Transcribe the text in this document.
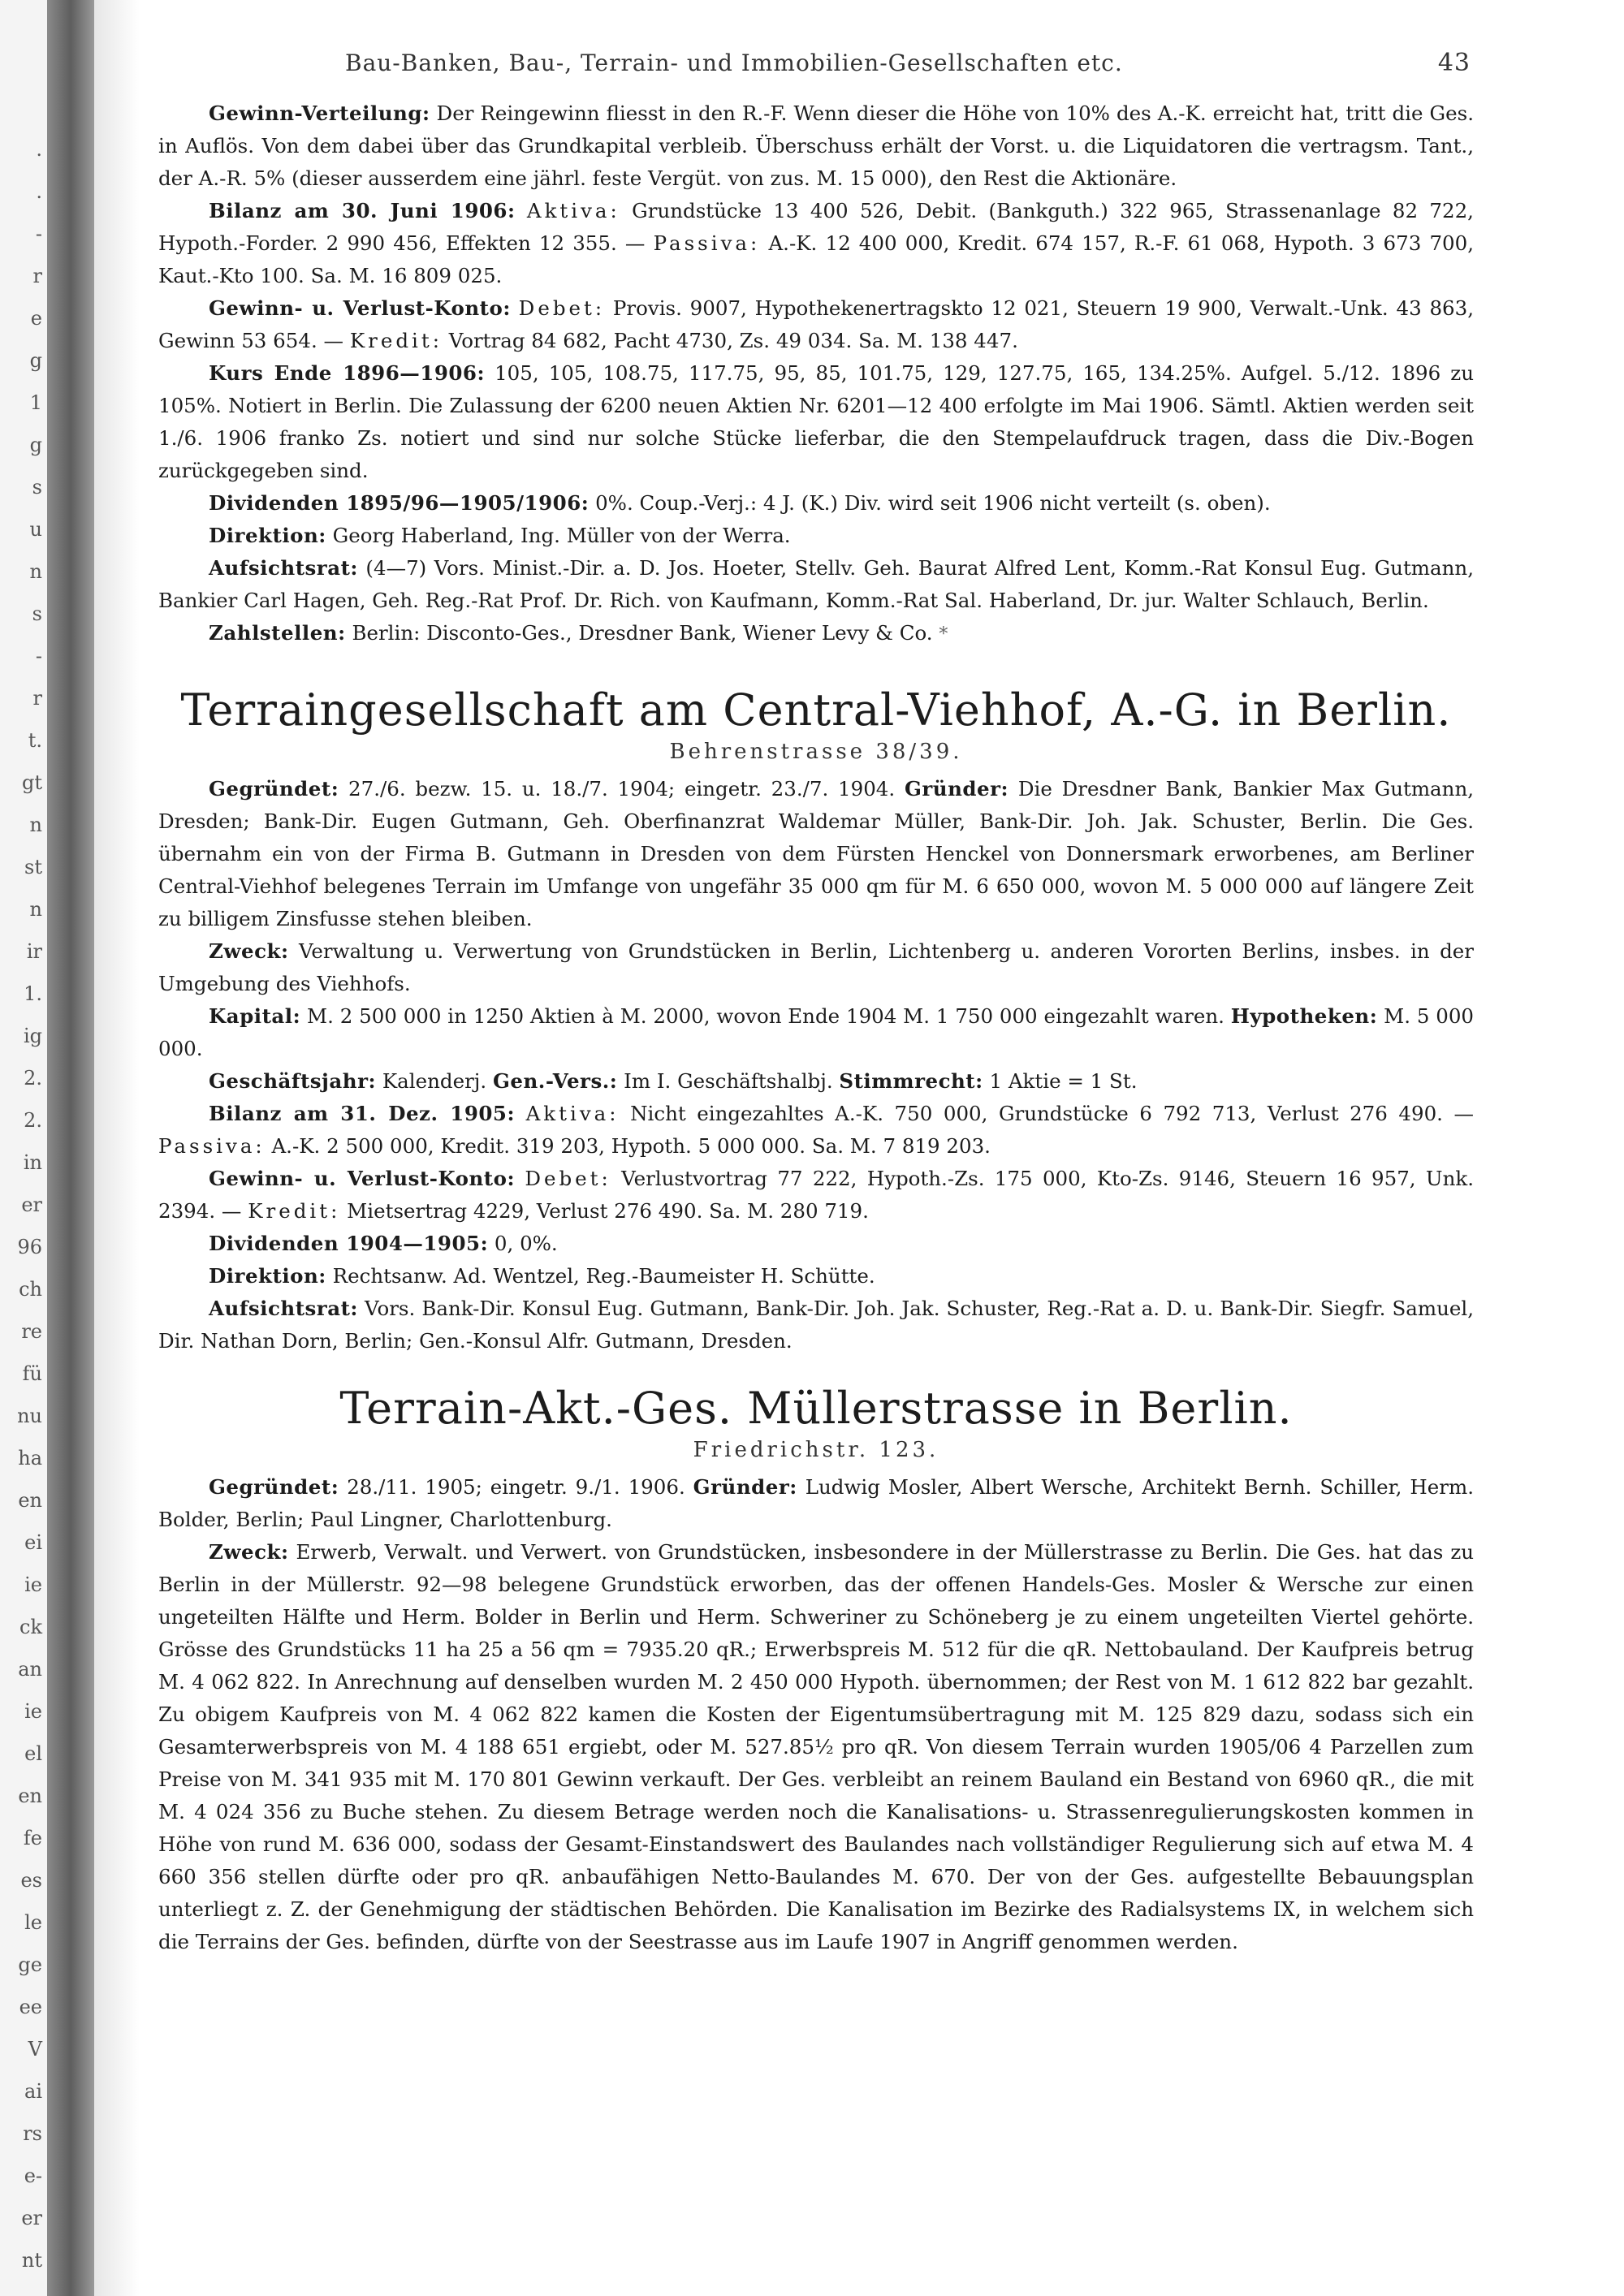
.
.
-
r
e
g
1
g
s
u
n
s
-
r
t.
gt
n
st
n
ir
1.
ig
2.
2.
in
er
96
ch
re
fü
nu
ha
en
ei
ie
ck
an
ie
el
en
fe
es
le
ge
ee
V
ai
rs
e-
er
nt
Bau-Banken, Bau-, Terrain- und Immobilien-Gesellschaften etc.	43

Gewinn-Verteilung: Der Reingewinn fliesst in den R.-F. Wenn dieser die Höhe von 10% des A.-K. erreicht hat, tritt die Ges. in Auflös. Von dem dabei über das Grundkapital verbleib. Überschuss erhält der Vorst. u. die Liquidatoren die vertragsm. Tant., der A.-R. 5% (dieser ausserdem eine jährl. feste Vergüt. von zus. M. 15 000), den Rest die Aktionäre.

Bilanz am 30. Juni 1906: Aktiva: Grundstücke 13 400 526, Debit. (Bankguth.) 322 965, Strassenanlage 82 722, Hypoth.-Forder. 2 990 456, Effekten 12 355. — Passiva: A.-K. 12 400 000, Kredit. 674 157, R.-F. 61 068, Hypoth. 3 673 700, Kaut.-Kto 100. Sa. M. 16 809 025.

Gewinn- u. Verlust-Konto: Debet: Provis. 9007, Hypothekenertragskto 12 021, Steuern 19 900, Verwalt.-Unk. 43 863, Gewinn 53 654. — Kredit: Vortrag 84 682, Pacht 4730, Zs. 49 034. Sa. M. 138 447.

Kurs Ende 1896—1906: 105, 105, 108.75, 117.75, 95, 85, 101.75, 129, 127.75, 165, 134.25%. Aufgel. 5./12. 1896 zu 105%. Notiert in Berlin. Die Zulassung der 6200 neuen Aktien Nr. 6201—12 400 erfolgte im Mai 1906. Sämtl. Aktien werden seit 1./6. 1906 franko Zs. notiert und sind nur solche Stücke lieferbar, die den Stempelaufdruck tragen, dass die Div.-Bogen zurückgegeben sind.

Dividenden 1895/96—1905/1906: 0%. Coup.-Verj.: 4 J. (K.) Div. wird seit 1906 nicht verteilt (s. oben).

Direktion: Georg Haberland, Ing. Müller von der Werra.

Aufsichtsrat: (4—7) Vors. Minist.-Dir. a. D. Jos. Hoeter, Stellv. Geh. Baurat Alfred Lent, Komm.-Rat Konsul Eug. Gutmann, Bankier Carl Hagen, Geh. Reg.-Rat Prof. Dr. Rich. von Kaufmann, Komm.-Rat Sal. Haberland, Dr. jur. Walter Schlauch, Berlin.

Zahlstellen: Berlin: Disconto-Ges., Dresdner Bank, Wiener Levy & Co. *

Terraingesellschaft am Central-Viehhof, A.-G. in Berlin.
Behrenstrasse 38/39.

Gegründet: 27./6. bezw. 15. u. 18./7. 1904; eingetr. 23./7. 1904. Gründer: Die Dresdner Bank, Bankier Max Gutmann, Dresden; Bank-Dir. Eugen Gutmann, Geh. Oberfinanzrat Waldemar Müller, Bank-Dir. Joh. Jak. Schuster, Berlin. Die Ges. übernahm ein von der Firma B. Gutmann in Dresden von dem Fürsten Henckel von Donnersmark erworbenes, am Berliner Central-Viehhof belegenes Terrain im Umfange von ungefähr 35 000 qm für M. 6 650 000, wovon M. 5 000 000 auf längere Zeit zu billigem Zinsfusse stehen bleiben.

Zweck: Verwaltung u. Verwertung von Grundstücken in Berlin, Lichtenberg u. anderen Vororten Berlins, insbes. in der Umgebung des Viehhofs.

Kapital: M. 2 500 000 in 1250 Aktien à M. 2000, wovon Ende 1904 M. 1 750 000 eingezahlt waren. Hypotheken: M. 5 000 000.

Geschäftsjahr: Kalenderj. Gen.-Vers.: Im I. Geschäftshalbj. Stimmrecht: 1 Aktie = 1 St.

Bilanz am 31. Dez. 1905: Aktiva: Nicht eingezahltes A.-K. 750 000, Grundstücke 6 792 713, Verlust 276 490. — Passiva: A.-K. 2 500 000, Kredit. 319 203, Hypoth. 5 000 000. Sa. M. 7 819 203.

Gewinn- u. Verlust-Konto: Debet: Verlustvortrag 77 222, Hypoth.-Zs. 175 000, Kto-Zs. 9146, Steuern 16 957, Unk. 2394. — Kredit: Mietsertrag 4229, Verlust 276 490. Sa. M. 280 719.

Dividenden 1904—1905: 0, 0%.

Direktion: Rechtsanw. Ad. Wentzel, Reg.-Baumeister H. Schütte.

Aufsichtsrat: Vors. Bank-Dir. Konsul Eug. Gutmann, Bank-Dir. Joh. Jak. Schuster, Reg.-Rat a. D. u. Bank-Dir. Siegfr. Samuel, Dir. Nathan Dorn, Berlin; Gen.-Konsul Alfr. Gutmann, Dresden.

Terrain-Akt.-Ges. Müllerstrasse in Berlin.
Friedrichstr. 123.

Gegründet: 28./11. 1905; eingetr. 9./1. 1906. Gründer: Ludwig Mosler, Albert Wersche, Architekt Bernh. Schiller, Herm. Bolder, Berlin; Paul Lingner, Charlottenburg.

Zweck: Erwerb, Verwalt. und Verwert. von Grundstücken, insbesondere in der Müllerstrasse zu Berlin. Die Ges. hat das zu Berlin in der Müllerstr. 92—98 belegene Grundstück erworben, das der offenen Handels-Ges. Mosler & Wersche zur einen ungeteilten Hälfte und Herm. Bolder in Berlin und Herm. Schweriner zu Schöneberg je zu einem ungeteilten Viertel gehörte. Grösse des Grundstücks 11 ha 25 a 56 qm = 7935.20 qR.; Erwerbspreis M. 512 für die qR. Nettobauland. Der Kaufpreis betrug M. 4 062 822. In Anrechnung auf denselben wurden M. 2 450 000 Hypoth. übernommen; der Rest von M. 1 612 822 bar gezahlt. Zu obigem Kaufpreis von M. 4 062 822 kamen die Kosten der Eigentumsübertragung mit M. 125 829 dazu, sodass sich ein Gesamterwerbspreis von M. 4 188 651 ergiebt, oder M. 527.85½ pro qR. Von diesem Terrain wurden 1905/06 4 Parzellen zum Preise von M. 341 935 mit M. 170 801 Gewinn verkauft. Der Ges. verbleibt an reinem Bauland ein Bestand von 6960 qR., die mit M. 4 024 356 zu Buche stehen. Zu diesem Betrage werden noch die Kanalisations- u. Strassenregulierungskosten kommen in Höhe von rund M. 636 000, sodass der Gesamt-Einstandswert des Baulandes nach vollständiger Regulierung sich auf etwa M. 4 660 356 stellen dürfte oder pro qR. anbaufähigen Netto-Baulandes M. 670. Der von der Ges. aufgestellte Bebauungsplan unterliegt z. Z. der Genehmigung der städtischen Behörden. Die Kanalisation im Bezirke des Radialsystems IX, in welchem sich die Terrains der Ges. befinden, dürfte von der Seestrasse aus im Laufe 1907 in Angriff genommen werden.
